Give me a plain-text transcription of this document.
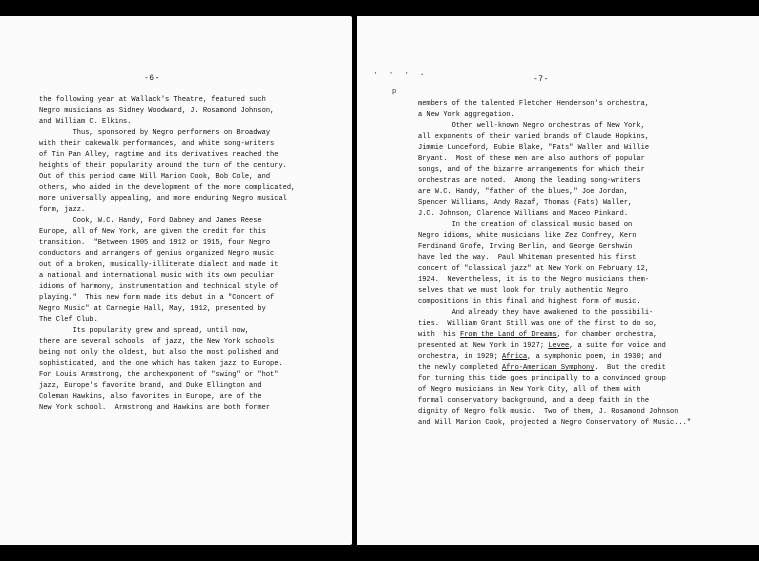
-6-
the following year at Wallack's Theatre, featured such
Negro musicians as Sidney Woodward, J. Rosamond Johnson,
and William C. Elkins.
Thus, sponsored by Negro performers on Broadway
with their cakewalk performances, and white song-writers
of Tin Pan Alley, ragtime and its derivatives reached the
heights of their popularity around the turn of the century.
Out of this period came Will Marion Cook, Bob Cole, and
others, who aided in the development of the more complicated,
more universally appealing, and more enduring Negro musical
form, jazz.
Cook, W.C. Handy, Ford Dabney and James Reese
Europe, all of New York, are given the credit for this
transition.  "Between 1905 and 1912 or 1915, four Negro
conductors and arrangers of genius organized Negro music
out of a broken, musically-illiterate dialect and made it
a national and international music with its own peculiar
idioms of harmony, instrumentation and technical style of
playing."  This new form made its debut in a "Concert of
Negro Music" at Carnegie Hall, May, 1912, presented by
The Clef Club.
Its popularity grew and spread, until now,
there are several schools  of jazz, the New York schools
being not only the oldest, but also the most polished and
sophisticated, and the one which has taken jazz to Europe.
For Louis Armstrong, the archexponent of "swing" or "hot"
jazz, Europe's favorite brand, and Duke Ellington and
Coleman Hawkins, also favorites in Europe, are of the
New York school.  Armstrong and Hawkins are both former
· · · .
p
-7-
members of the talented Fletcher Henderson's orchestra,
a New York aggregation.
Other well-known Negro orchestras of New York,
all exponents of their varied brands of Claude Hopkins,
Jimmie Lunceford, Eubie Blake, "Fats" Waller and Willie
Bryant.  Most of these men are also authors of popular
songs, and of the bizarre arrangements for which their
orchestras are noted.  Among the leading song-writers
are W.C. Handy, "father of the blues," Joe Jordan,
Spencer Williams, Andy Razaf, Thomas (Fats) Waller,
J.C. Johnson, Clarence Williams and Maceo Pinkard.
In the creation of classical music based on
Negro idioms, white musicians like Zez Confrey, Kern
Ferdinand Grofe, Irving Berlin, and George Gershwin
have led the way.  Paul Whiteman presented his first
concert of "classical jazz" at New York on February 12,
1924.  Nevertheless, it is to the Negro musicians them-
selves that we must look for truly authentic Negro
compositions in this final and highest form of music.
And already they have awakened to the possibili-
ties.  William Grant Still was one of the first to do so,
with  his From the Land of Dreams, for chamber orchestra,
presented at New York in 1927; Levee, a suite for voice and
orchestra, in 1929; Africa, a symphonic poem, in 1930; and
the newly completed Afro-American Symphony.  But the credit
for turning this tide goes principally to a convinced group
of Negro musicians in New York City, all of them with
formal conservatory background, and a deep faith in the
dignity of Negro folk music.  Two of them, J. Rosamond Johnson
and Will Marion Cook, projected a Negro Conservatory of Music..."
